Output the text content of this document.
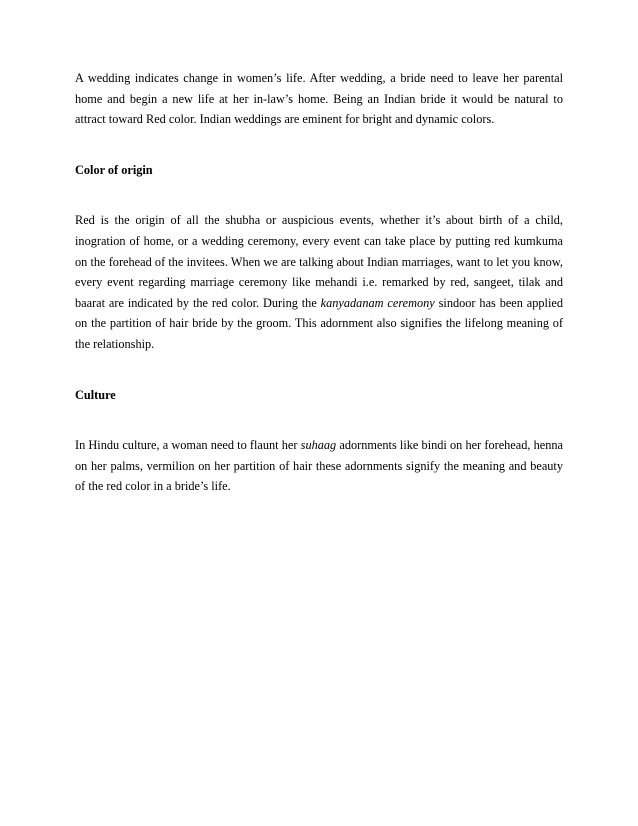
A wedding indicates change in women’s life. After wedding, a bride need to leave her parental home and begin a new life at her in-law’s home. Being an Indian bride it would be natural to attract toward Red color. Indian weddings are eminent for bright and dynamic colors.

Color of origin

Red is the origin of all the shubha or auspicious events, whether it’s about birth of a child, inogration of home, or a wedding ceremony, every event can take place by putting red kumkuma on the forehead of the invitees. When we are talking about Indian marriages, want to let you know, every event regarding marriage ceremony like mehandi i.e. remarked by red, sangeet, tilak and baarat are indicated by the red color. During the kanyadanam ceremony sindoor has been applied on the partition of hair bride by the groom. This adornment also signifies the lifelong meaning of the relationship.

Culture

In Hindu culture, a woman need to flaunt her suhaag adornments like bindi on her forehead, henna on her palms, vermilion on her partition of hair these adornments signify the meaning and beauty of the red color in a bride’s life.
